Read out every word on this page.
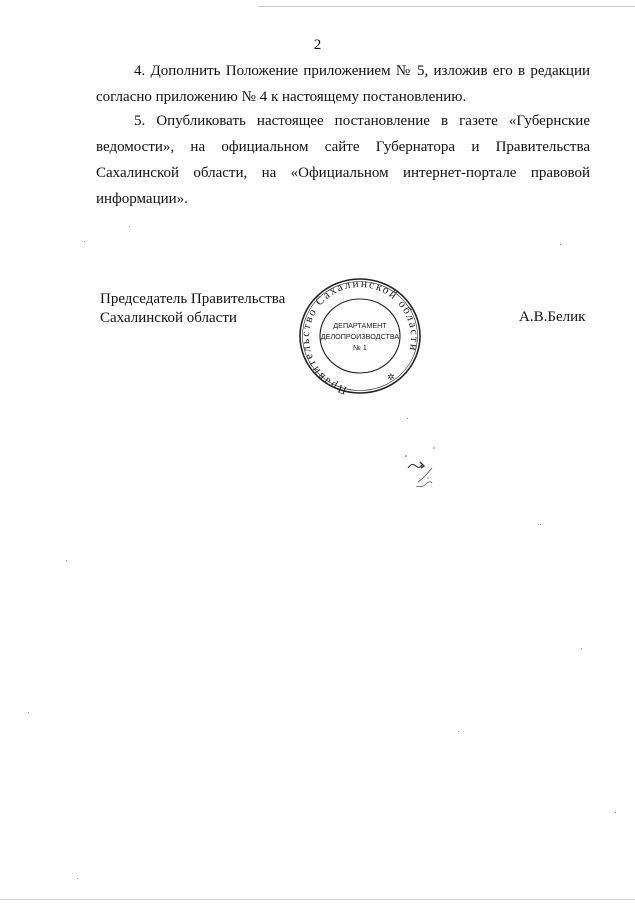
2

4. Дополнить Положение приложением № 5, изложив его в редакции согласно приложению № 4 к настоящему постановлению.

5. Опубликовать настоящее постановление в газете «Губернские ведомости», на официальном сайте Губернатора и Правительства Сахалинской области, на «Официальном интернет-портале правовой информации».

Председатель Правительства
Сахалинской области
Правительство Сахалинской области
✲
ДЕПАРТАМЕНТ
ДЕЛОПРОИЗВОДСТВА
№ 1
А.В.Белик
